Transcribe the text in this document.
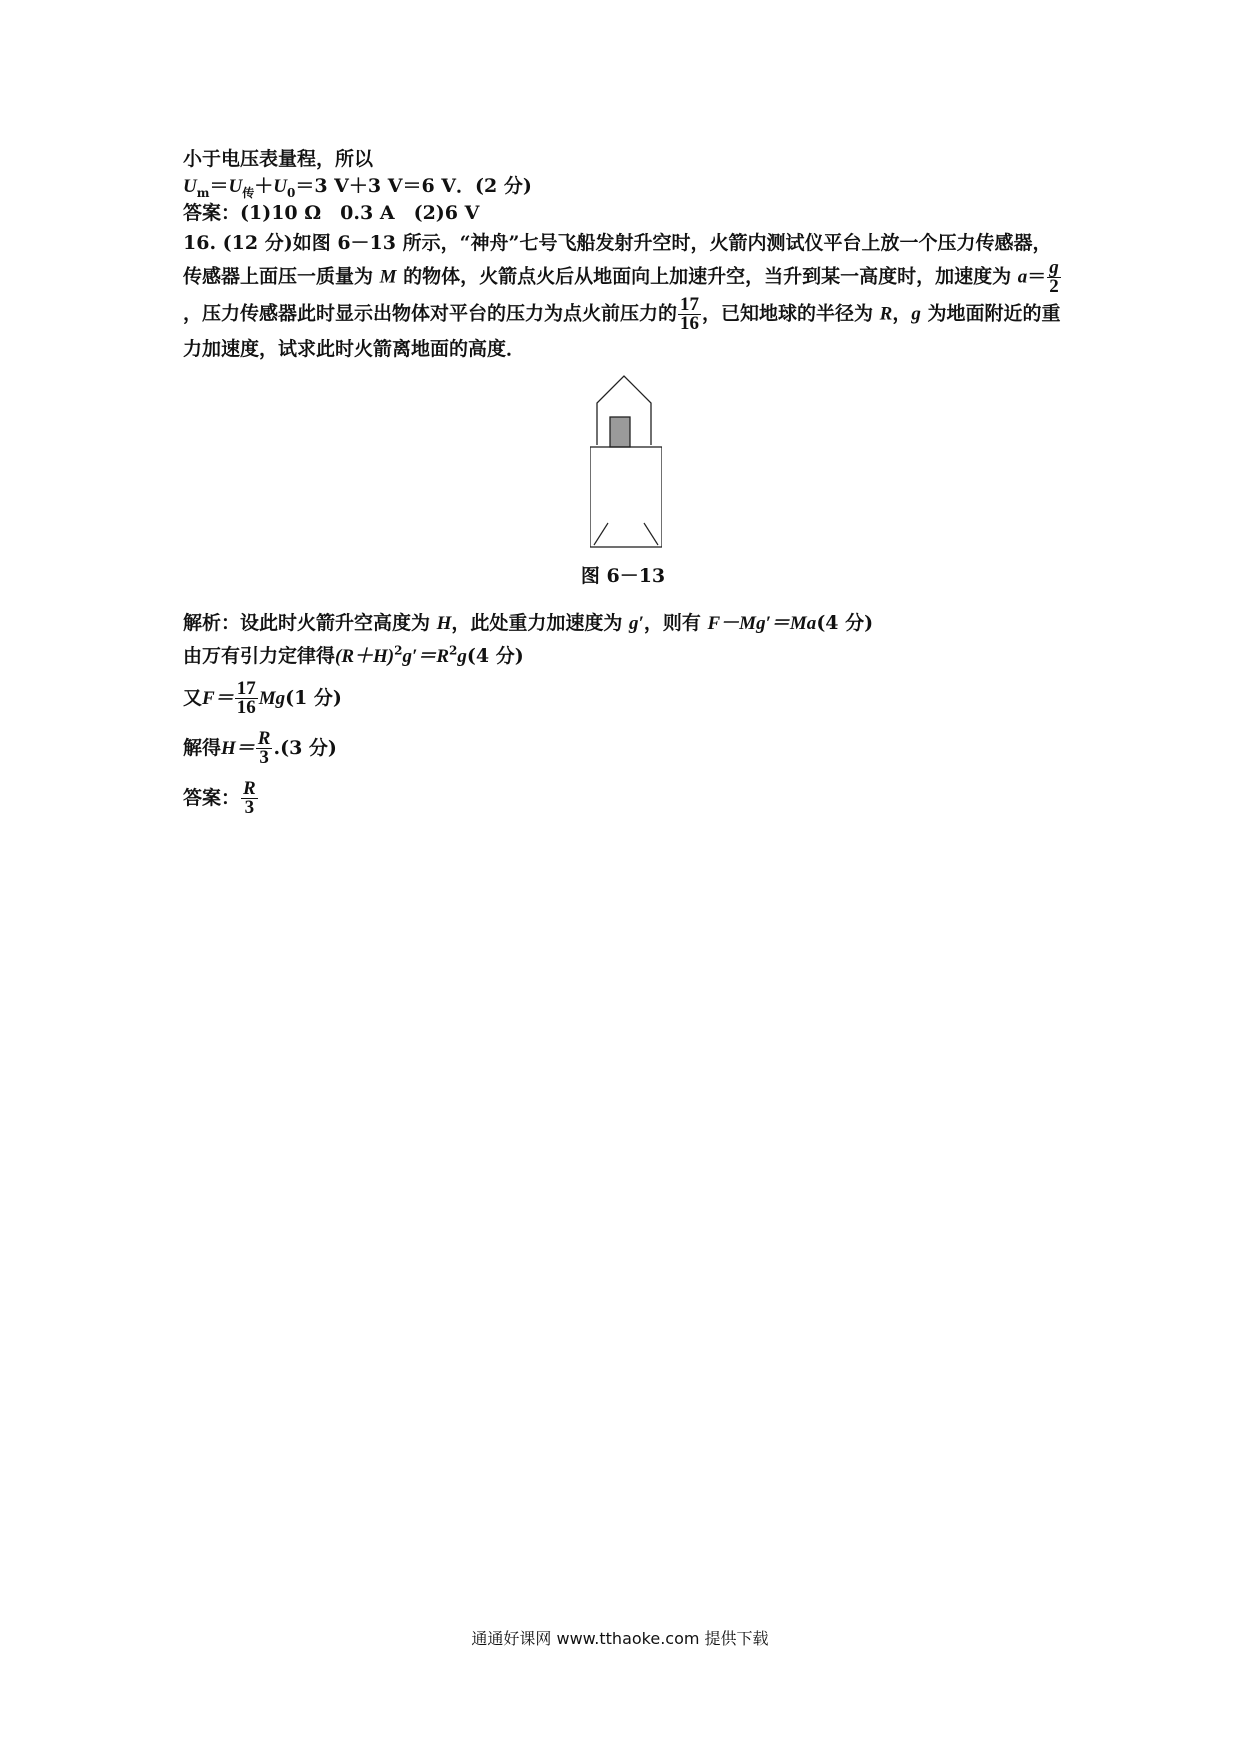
小于电压表量程，所以
$U_m=U_传+U_0=3$ V＋3 V＝6 V．(2 分)
答案：(1)10 Ω　0.3 A　(2)6 V
16. (12 分)如图 6－13 所示，“神舟”七号飞船发射升空时，火箭内测试仪平台上放一个压力传感器，传感器上面压一质量为 M 的物体，火箭点火后从地面向上加速升空，当升到某一高度时，加速度为 $a= \frac{g}{2}$
，压力传感器此时显示出物体对平台的压力为点火前压力的 $\frac{17}{16}$ ，已知地球的半径为 R，g 为地面附近的重力加速度，试求此时火箭离地面的高度．
图 6－13
解析：设此时火箭升空高度为 H，此处重力加速度为 g′，则有 F－Mg′＝Ma(4 分)
由万有引力定律得$(R+H)^2g'=R^2g(4$ 分)
又 $F= \frac{17}{16}$ Mg (1 分)
解得 $H= \frac{R}{3} .(3$ 分)
答案： $\frac{R}{3}$
通通好课网 www.tthaoke.com 提供下载
